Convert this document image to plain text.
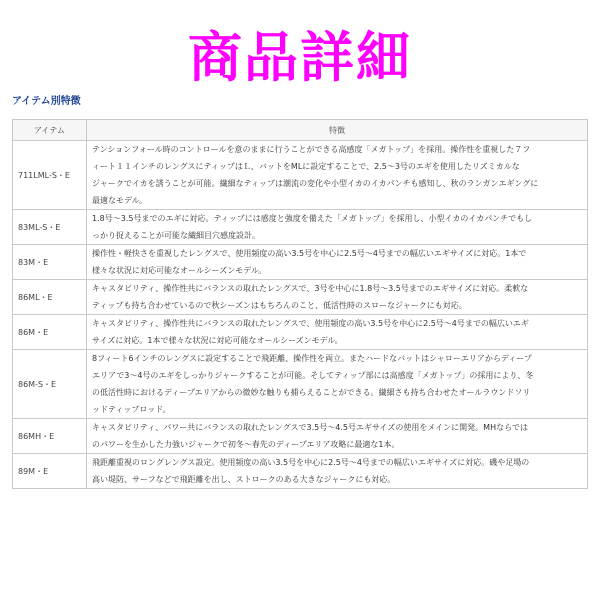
商品詳細
アイテム別特徴
アイテム	特徴
711LML-S・E	テンションフォール時のコントロールを意のままに行うことができる高感度「メガトップ」を採用。操作性を重視した７フ
ィート１１インチのレングスにティップはＬ、バットをMLに設定することで、2.5～3号のエギを使用したリズミカルな
ジャークでイカを誘うことが可能。繊細なティップは潮流の変化や小型イカのイカパンチも感知し、秋のランガンエギングに
最適なモデル。

83ML-S・E	1.8号～3.5号までのエギに対応。ティップには感度と強度を備えた「メガトップ」を採用し、小型イカのイカパンチでもし
っかり捉えることが可能な繊細目穴感度設計。

83M・E	操作性・軽快さを重視したレングスで、使用頻度の高い3.5号を中心に2.5号～4号までの幅広いエギサイズに対応。1本で
様々な状況に対応可能なオールシーズンモデル。

86ML・E	キャスタビリティ、操作性共にバランスの取れたレングスで、3号を中心に1.8号～3.5号までのエギサイズに対応。柔軟な
ティップも持ち合わせているので秋シーズンはもちろんのこと、低活性時のスローなジャークにも対応。

86M・E	キャスタビリティ、操作性共にバランスの取れたレングスで、使用頻度の高い3.5号を中心に2.5号～4号までの幅広いエギ
サイズに対応。1本で様々な状況に対応可能なオールシーズンモデル。

86M-S・E	8フィート6インチのレングスに設定することで飛距離、操作性を両立。またハードなバットはシャローエリアからディープ
エリアで3～4号のエギをしっかりジャークすることが可能。そしてティップ部には高感度「メガトップ」の採用により、冬
の低活性時におけるディープエリアからの微妙な触りも捕らえることができる。繊細さも持ち合わせたオールラウンドソリ
ッドティップロッド。

86MH・E	キャスタビリティ、パワー共にバランスの取れたレングスで3.5号～4.5号エギサイズの使用をメインに開発。MHならでは
のパワーを生かした力強いジャークで初冬～春先のディープエリア攻略に最適な1本。

89M・E	飛距離重視のロングレングス設定。使用頻度の高い3.5号を中心に2.5号～4号までの幅広いエギサイズに対応。磯や足場の
高い堤防、サーフなどで飛距離を出し、ストロークのある大きなジャークにも対応。
